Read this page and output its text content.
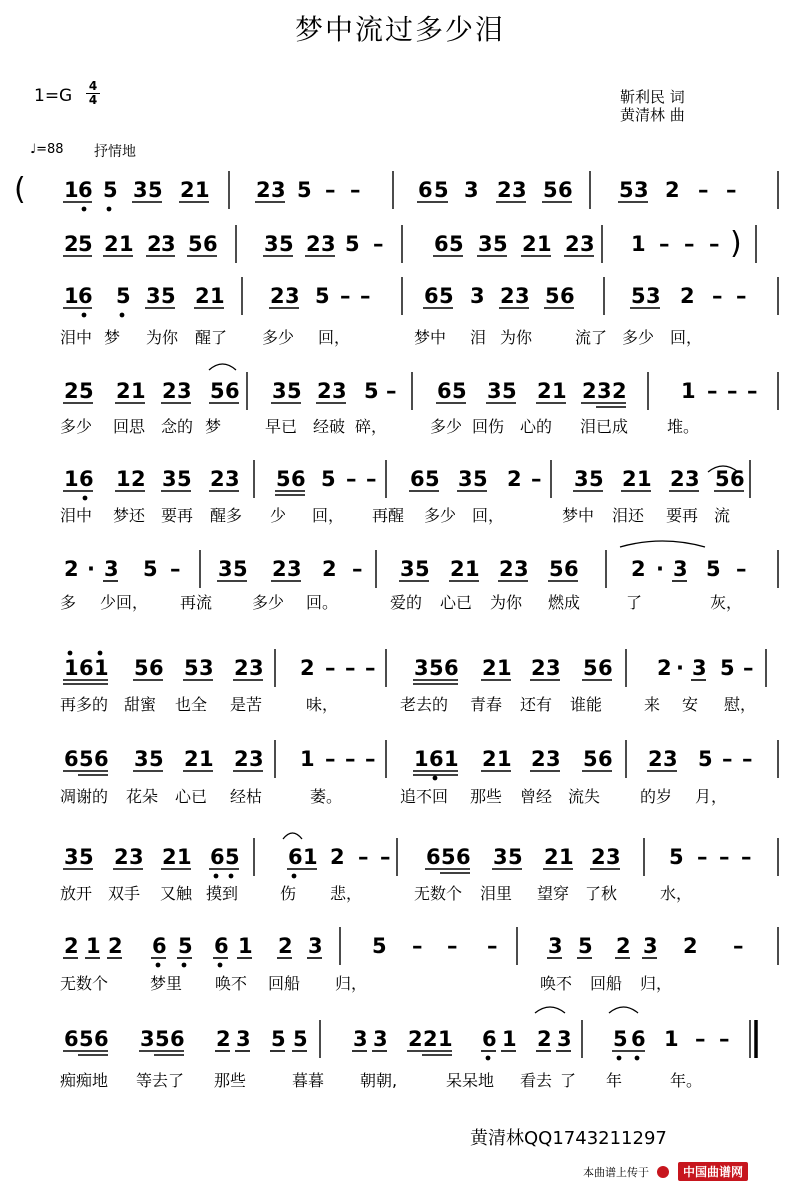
梦中流过多少泪
1=G	4
4	靳利民 词
黄清林 曲
♩=88 抒情地
( 1 6 5 3 5 2 1 2 3 5 – –	6 5 3 2 3 5 6 5 3 2 – –
)
2 5 2 1 2 3 5 6 3 5 2 3 5 – 6 5 3 5 2 1 2 3 1 – – –
1 6 5 3 5 2 1 2 3 5 – –	6 5 3 2 3 5 6	5 3 2 – –
泪中 梦 为你 醒了 多少 回，	梦中 泪 为你	流了 多少 回，
2 5 2 1 2 3 5 6 3 5 2 3 5 – 6 5 3 5 2 1 2 3 2	1 – – –
多少 回思 念的 梦	早已 经破 碎，	多少 回伤 心的 泪已成 堆。
1 6 1 2 3 5 2 3 5 6 5 – – 6 5 3 5 2 – 3 5 2 1 2 3 5 6
泪中 梦还 要再 醒多 少 回， 再醒 多少 回，	梦中 泪还 要再 流
2 · 3 5 – 3 5 2 3 2 – 3 5 2 1 2 3 5 6 2 · 3 5 –
多 少回， 再流 多少 回。	爱的 心已 为你 燃成	了	灰，
1 6 1 5 6 5 3 2 3 2 – – – 3 5 6 2 1 2 3 5 6 2 · 3 5 –
再多的 甜蜜 也全 是苦	味，	老去的 青春 还有 谁能	来 安 慰，
6 5 6 3 5 2 1 2 3 1 – – – 1 6 1 2 1 2 3 5 6 2 3 5 – –
凋谢的 花朵 心已 经枯	萎。	追不回 那些 曾经 流失 的岁 月，
3 5 2 3 2 1 6 5 6 1 2 – – 6 5 6 3 5 2 1 2 3 5 – – –
放开 双手 又触 摸到	伤 悲，	无数个 泪里 望穿 了秋	水，
2 1 2 6 5 6 1 2 3 5 – – – 3 5 2 3 2 –
无数个	梦里 唤不 回船 归，	唤不 回船 归，
6 5 6 3 5 6 2 3 5 5 3 3 2 2 1 6 1 2 3 5 6 1 – –
痴痴地 等去了 那些	暮暮 朝朝,	呆呆地 看去 了 年	年。
黄清林QQ1743211297
本曲谱上传于	中国曲谱网
